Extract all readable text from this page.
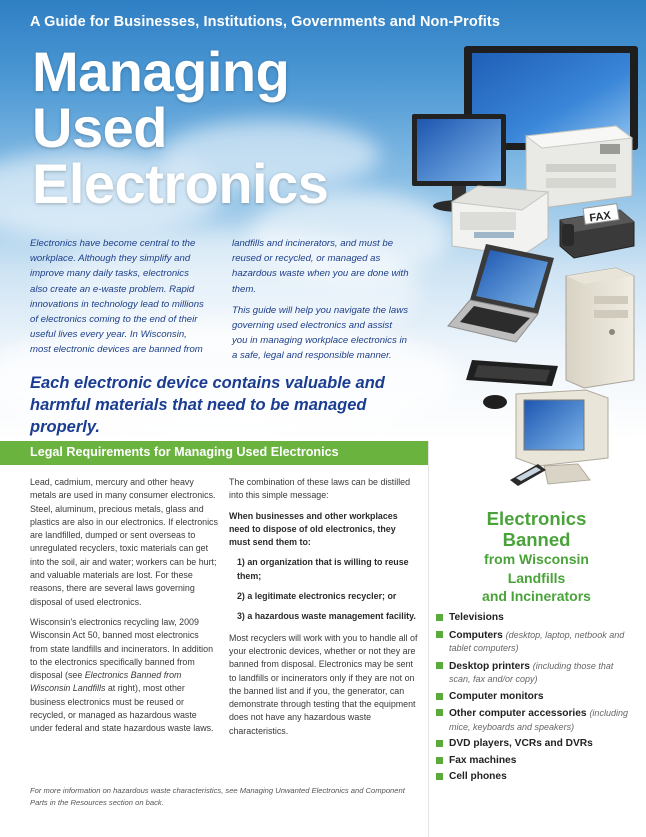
A Guide for Businesses, Institutions, Governments and Non-Profits
Managing
Used
Electronics

Electronics have become central to the workplace. Although they simplify and improve many daily tasks, electronics also create an e-waste problem. Rapid innovations in technology lead to millions of electronics coming to the end of their useful lives every year. In Wisconsin, most electronic devices are banned from

landfills and incinerators, and must be reused or recycled, or managed as hazardous waste when you are done with them.

This guide will help you navigate the laws governing used electronics and assist you in managing workplace electronics in a safe, legal and responsible manner.

Each electronic device contains valuable and harmful materials that need to be managed properly.
FAX
Legal Requirements for Managing Used Electronics

Lead, cadmium, mercury and other heavy metals are used in many consumer electronics. Steel, aluminum, precious metals, glass and plastics are also in our electronics. If electronics are landfilled, dumped or sent overseas to unregulated recyclers, toxic materials can get into the soil, air and water; workers can be hurt; and valuable materials are lost. For these reasons, there are several laws governing disposal of used electronics.

Wisconsin's electronics recycling law, 2009 Wisconsin Act 50, banned most electronics from state landfills and incinerators. In addition to the electronics specifically banned from disposal (see Electronics Banned from Wisconsin Landfills at right), most other business electronics must be reused or recycled, or managed as hazardous waste under federal and state hazardous waste laws.

The combination of these laws can be distilled into this simple message:

When businesses and other workplaces need to dispose of old electronics, they must send them to:

1) an organization that is willing to reuse them;
2) a legitimate electronics recycler; or
3) a hazardous waste management facility.

Most recyclers will work with you to handle all of your electronic devices, whether or not they are banned from disposal. Electronics may be sent to landfills or incinerators only if they are not on the banned list and if you, the generator, can demonstrate through testing that the equipment does not have any hazardous waste characteristics.

For more information on hazardous waste characteristics, see Managing Unwanted Electronics and Component Parts in the Resources section on back.
Electronics
Banned
from Wisconsin
Landfills
and Incinerators
Televisions
Computers (desktop, laptop, netbook and tablet computers)
Desktop printers (including those that scan, fax and/or copy)
Computer monitors
Other computer accessories (including mice, keyboards and speakers)
DVD players, VCRs and DVRs
Fax machines
Cell phones
